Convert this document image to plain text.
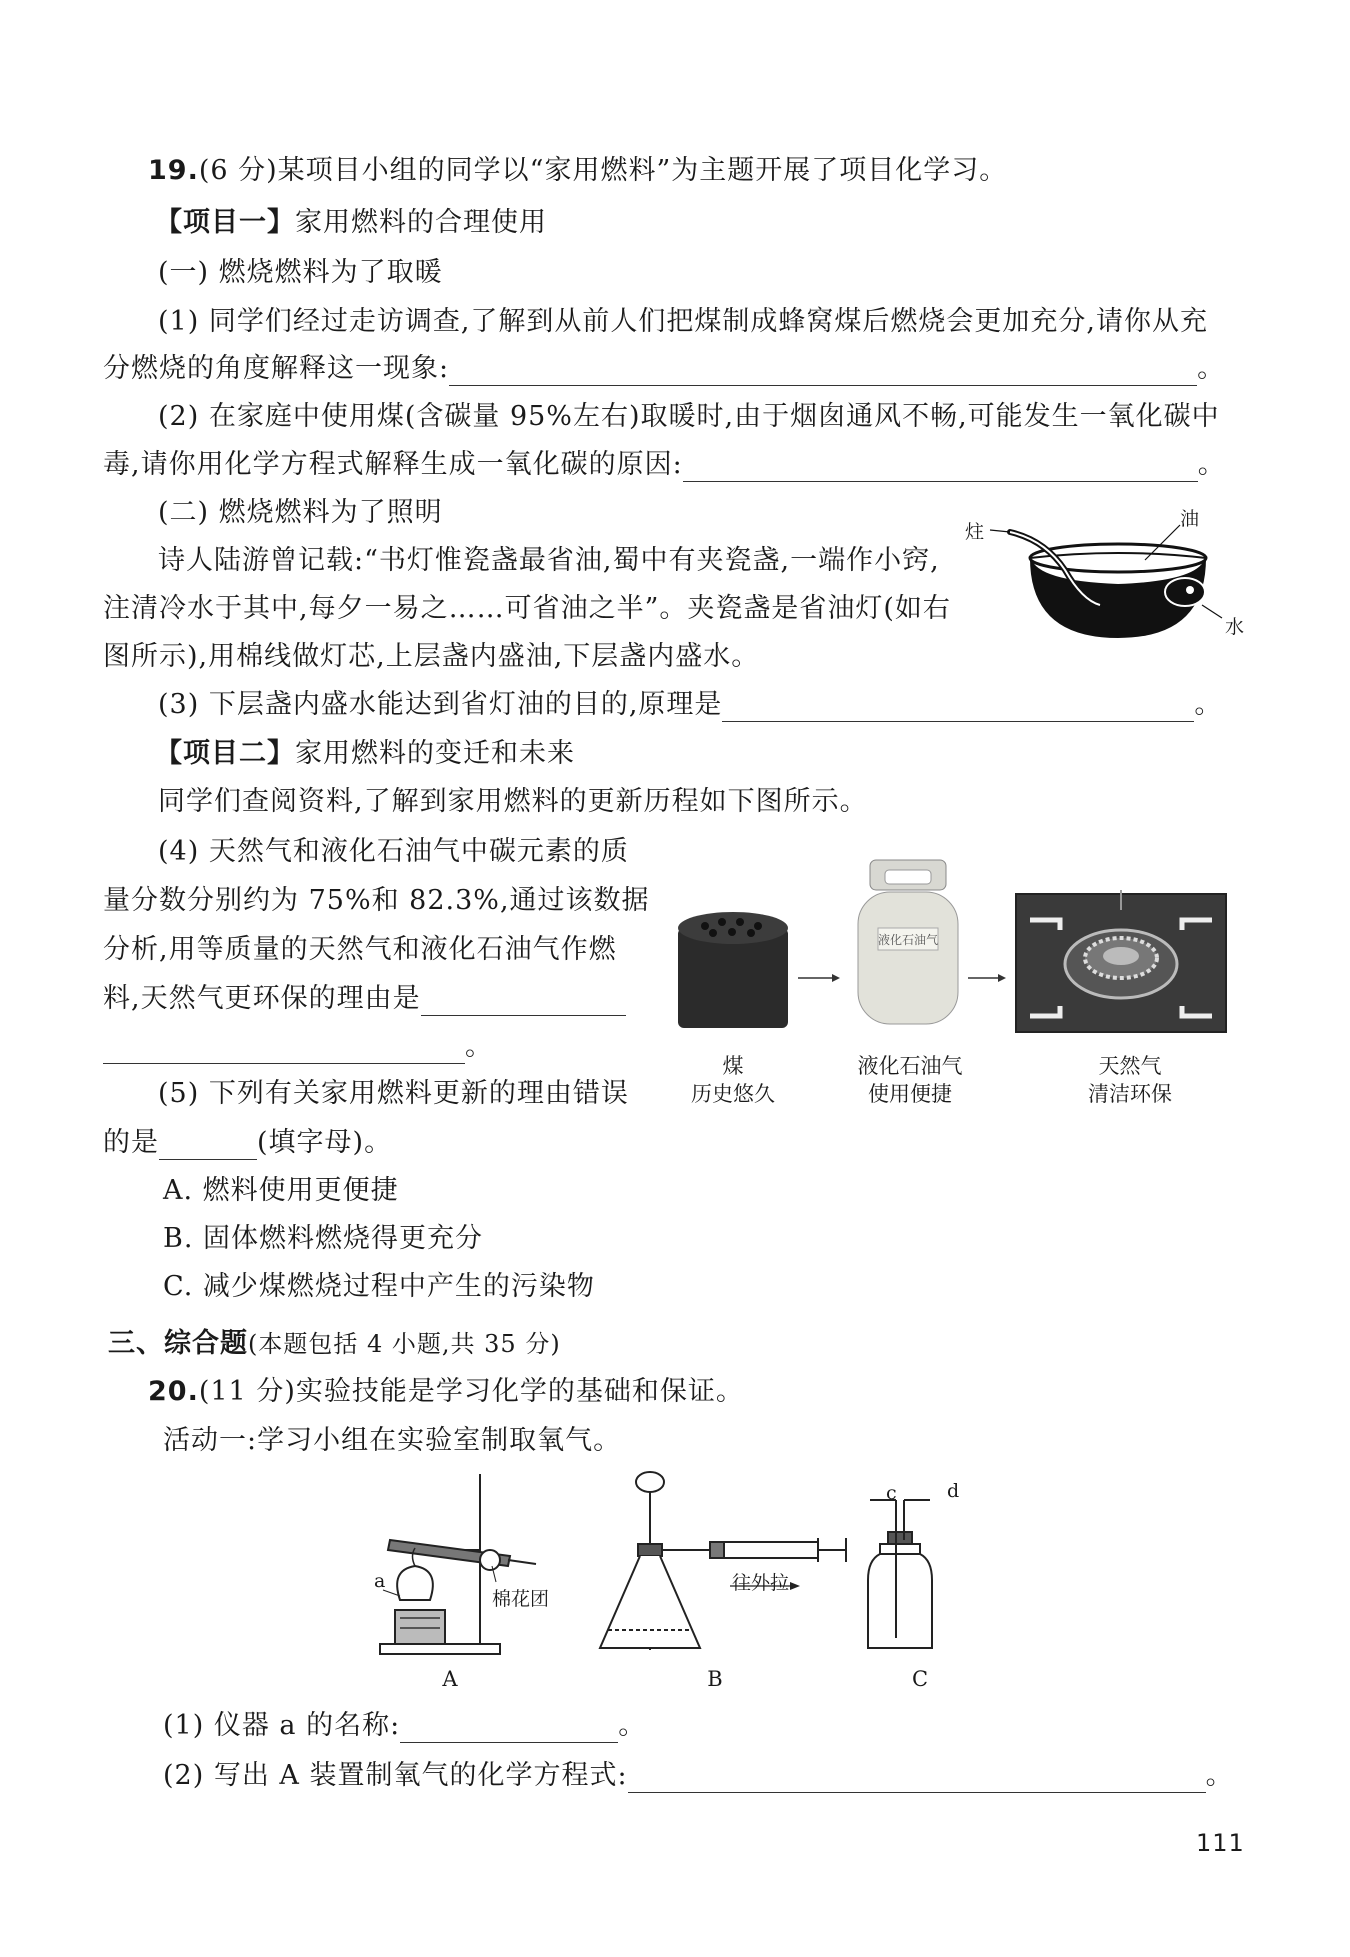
19.(6 分)某项目小组的同学以“家用燃料”为主题开展了项目化学习。
【项目一】家用燃料的合理使用
(一) 燃烧燃料为了取暖
(1) 同学们经过走访调查,了解到从前人们把煤制成蜂窝煤后燃烧会更加充分,请你从充
分燃烧的角度解释这一现象:	。
(2) 在家庭中使用煤(含碳量 95%左右)取暖时,由于烟囱通风不畅,可能发生一氧化碳中
毒,请你用化学方程式解释生成一氧化碳的原因:	。
(二) 燃烧燃料为了照明
诗人陆游曾记载:“书灯惟瓷盏最省油,蜀中有夹瓷盏,一端作小窍,
注清冷水于其中,每夕一易之……可省油之半”。夹瓷盏是省油灯(如右
图所示),用棉线做灯芯,上层盏内盛油,下层盏内盛水。
炷
油
水
(3) 下层盏内盛水能达到省灯油的目的,原理是	。
【项目二】家用燃料的变迁和未来
同学们查阅资料,了解到家用燃料的更新历程如下图所示。
(4) 天然气和液化石油气中碳元素的质
量分数分别约为 75%和 82.3%,通过该数据
分析,用等质量的天然气和液化石油气作燃
料,天然气更环保的理由是
。
液化石油气
煤
历史悠久
液化石油气
使用便捷
天然气
清洁环保
(5) 下列有关家用燃料更新的理由错误
的是	(填字母)。
A. 燃料使用更便捷
B. 固体燃料燃烧得更充分
C. 减少煤燃烧过程中产生的污染物
三、综合题(本题包括 4 小题,共 35 分)
20.(11 分)实验技能是学习化学的基础和保证。
活动一:学习小组在实验室制取氧气。
a
棉花团
往外拉
c	d
A	B	C
(1) 仪器 a 的名称:	。
(2) 写出 A 装置制氧气的化学方程式:	。
111
